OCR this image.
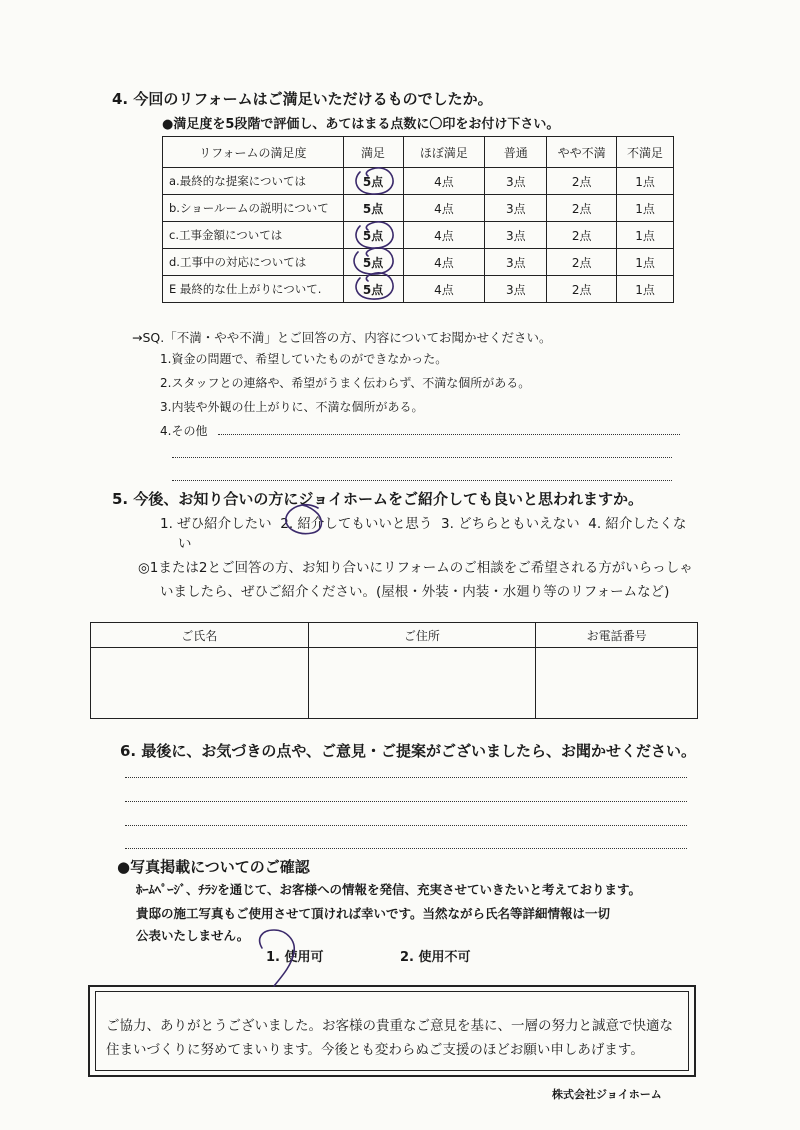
4. 今回のリフォームはご満足いただけるものでしたか。
●満足度を5段階で評価し、あてはまる点数に〇印をお付け下さい。
リフォームの満足度	満足	ほぼ満足	普通	やや不満	不満足
a.最終的な提案については	5点	4点	3点	2点	1点
b.ショールームの説明について	5点	4点	3点	2点	1点
c.工事金額については	5点	4点	3点	2点	1点
d.工事中の対応については	5点	4点	3点	2点	1点
E 最終的な仕上がりについて.	5点	4点	3点	2点	1点
→SQ.「不満・やや不満」とご回答の方、内容についてお聞かせください。
1.資金の問題で、希望していたものができなかった。
2.スタッフとの連絡や、希望がうまく伝わらず、不満な個所がある。
3.内装や外観の仕上がりに、不満な個所がある。
4.その他
5. 今後、お知り合いの方にジョイホームをご紹介しても良いと思われますか。
1. ぜひ紹介したい  2. 紹介してもいいと思う  3. どちらともいえない  4. 紹介したくな
い
◎1または2とご回答の方、お知り合いにリフォームのご相談をご希望される方がいらっしゃ
いましたら、ぜひご紹介ください。(屋根・外装・内装・水廻り等のリフォームなど)
ご氏名	ご住所	お電話番号

6. 最後に、お気づきの点や、ご意見・ご提案がございましたら、お聞かせください。
●写真掲載についてのご確認
ﾎｰﾑﾍﾟｰｼﾞ、ﾁﾗｼを通じて、お客様への情報を発信、充実させていきたいと考えております。
貴邸の施工写真もご使用させて頂ければ幸いです。当然ながら氏名等詳細情報は一切
公表いたしません。
1. 使用可	2. 使用不可
ご協力、ありがとうございました。お客様の貴重なご意見を基に、一層の努力と誠意で快適な
住まいづくりに努めてまいります。今後とも変わらぬご支援のほどお願い申しあげます。
株式会社ジョイホーム
